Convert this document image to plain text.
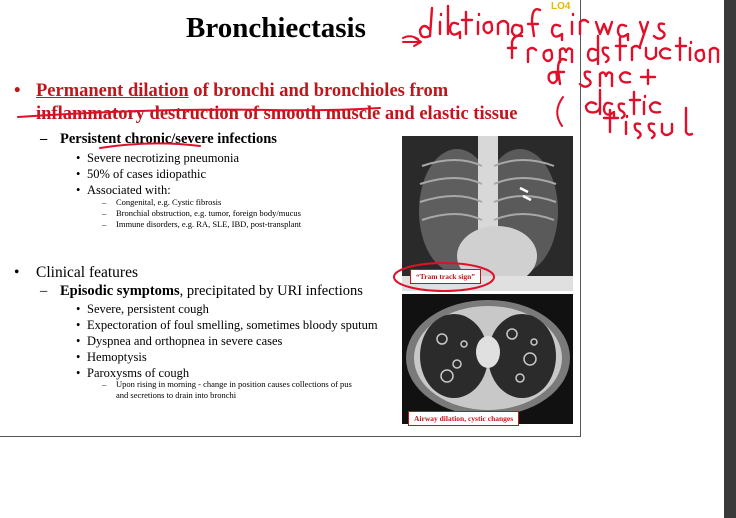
Bronchiectasis
LO4
• Permanent dilation of bronchi and bronchioles from
inflammatory destruction of smooth muscle and elastic tissue
– Persistent chronic/severe infections
• Severe necrotizing pneumonia
• 50% of cases idiopathic
• Associated with:
– Congenital, e.g. Cystic fibrosis
– Bronchial obstruction, e.g. tumor, foreign body/mucus
– Immune disorders, e.g. RA, SLE, IBD, post-transplant
• Clinical features
– Episodic symptoms, precipitated by URI infections
• Severe, persistent cough
• Expectoration of foul smelling, sometimes bloody sputum
• Dyspnea and orthopnea in severe cases
• Hemoptysis
• Paroxysms of cough
– Upon rising in morning - change in position causes collections of pus
and secretions to drain into bronchi
“Tram track sign”
Airway dilation, cystic changes
